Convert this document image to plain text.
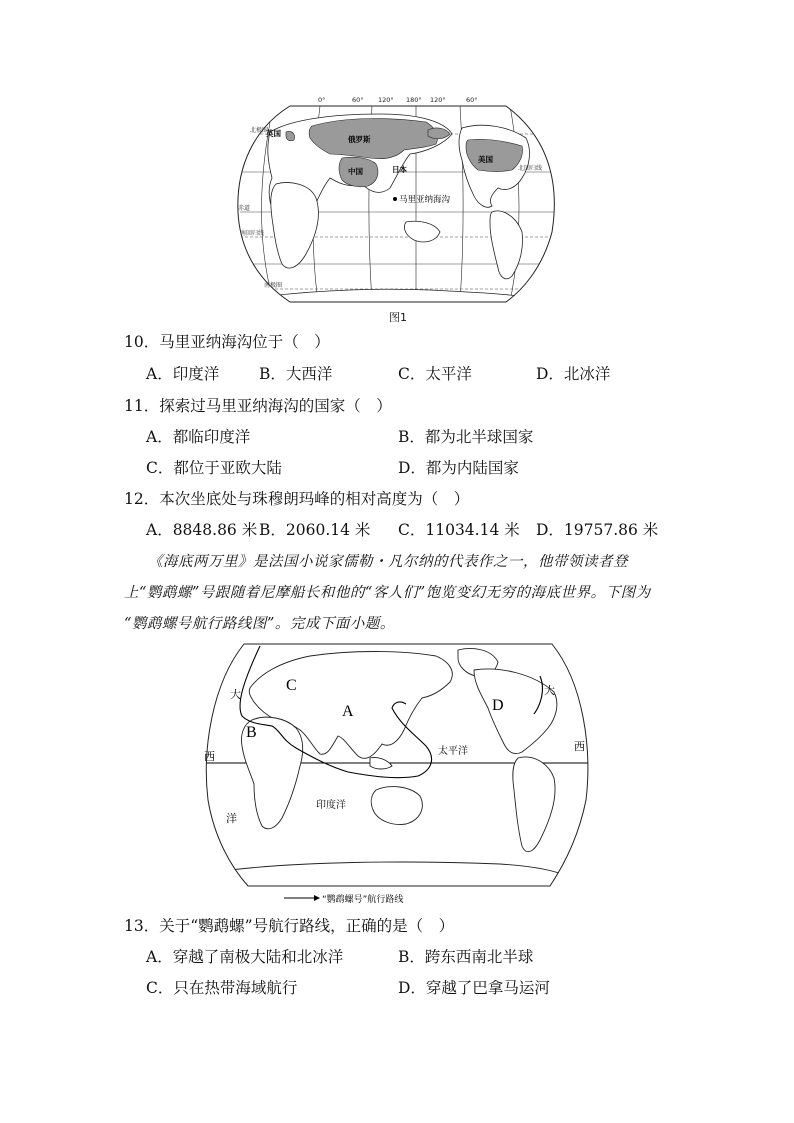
0°	60° 120° 180° 120°	60°
北极圈
北回归线
赤道
南回归线
南极圈
英国
俄罗斯
中国	日本
美国
马里亚纳海沟
图1
10．马里亚纳海沟位于（　）
A．印度洋	B．大西洋	C．太平洋	D．北冰洋
11．探索过马里亚纳海沟的国家（　）
A．都临印度洋	B．都为北半球国家
C．都位于亚欧大陆	D．都为内陆国家
12．本次坐底处与珠穆朗玛峰的相对高度为（　）
A．8848.86 米 B．2060.14 米 C．11034.14 米 D．19757.86 米
《海底两万里》是法国小说家儒勒・凡尔纳的代表作之一，他带领读者登
上“鹦鹉螺”号跟随着尼摩船长和他的“客人们”饱览变幻无穷的海底世界。下图为
“鹦鹉螺号航行路线图”。完成下面小题。
A
B
C
D
太平洋
印度洋
大
西
洋
大
西
“鹦鹉螺号”航行路线
13．关于“鹦鹉螺”号航行路线，正确的是（　）
A．穿越了南极大陆和北冰洋	B．跨东西南北半球
C．只在热带海域航行	D．穿越了巴拿马运河
